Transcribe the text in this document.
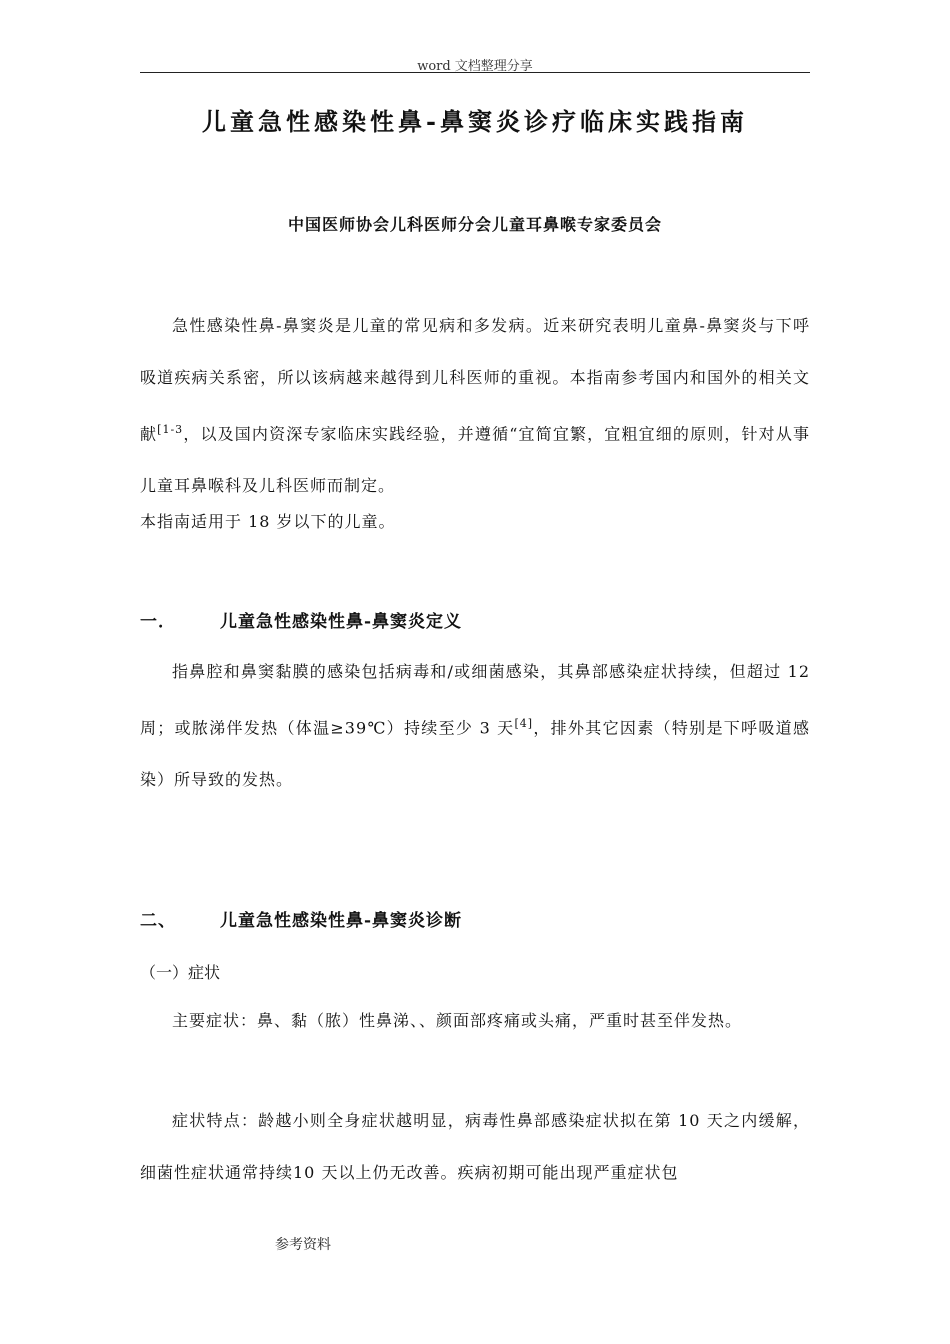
word 文档整理分享
儿童急性感染性鼻-鼻窦炎诊疗临床实践指南
中国医师协会儿科医师分会儿童耳鼻喉专家委员会
急性感染性鼻-鼻窦炎是儿童的常见病和多发病。近来研究表明儿童鼻-鼻窦炎与下呼吸道疾病关系密，所以该病越来越得到儿科医师的重视。本指南参考国内和国外的相关文献$^{[1-3}$，以及国内资深专家临床实践经验，并遵循“宜简宜繁，宜粗宜细的原则，针对从事儿童耳鼻喉科及儿科医师而制定。
本指南适用于 18 岁以下的儿童。
一．	儿童急性感染性鼻-鼻窦炎定义
指鼻腔和鼻窦黏膜的感染包括病毒和/或细菌感染，其鼻部感染症状持续，但超过 12周；或脓涕伴发热（体温≥39℃）持续至少 3 天[4]，排外其它因素（特别是下呼吸道感染）所导致的发热。
二、	儿童急性感染性鼻-鼻窦炎诊断
（一）症状
主要症状：鼻、黏（脓）性鼻涕、、颜面部疼痛或头痛，严重时甚至伴发热。
症状特点：龄越小则全身症状越明显，病毒性鼻部感染症状拟在第 10 天之内缓解，细菌性症状通常持续10 天以上仍无改善。疾病初期可能出现严重症状包
参考资料
